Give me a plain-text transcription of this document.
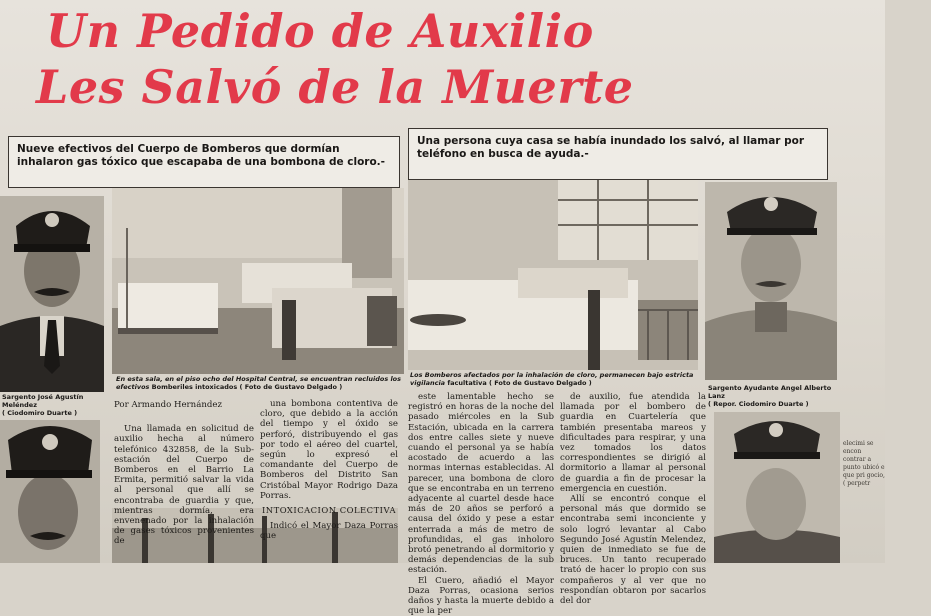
Un Pedido de Auxilio
Les Salvó de la Muerte
Nueve efectivos del Cuerpo de Bomberos que dormían inhalaron gas tóxico que escapaba de una bombona de cloro.-
Una persona cuya casa se había inundado los salvó, al llamar por teléfono en busca de ayuda.-
Sargento José Agustín Meléndez
( Ciodomiro Duarte )
En esta sala, en el piso ocho del Hospital Central, se encuentran recluidos los efectivos Bomberiles intoxicados ( Foto de Gustavo Delgado )
Los Bomberos afectados por la inhalación de cloro, permanecen bajo estricta vigilancia facultativa ( Foto de Gustavo Delgado )
Sargento Ayudante Angel Alberto Lanz
( Repor. Ciodomiro Duarte )
Por Armando Hernández

Una llamada en solicitud de auxilio hecha al número telefónico 432858, de la Sub-estación del Cuerpo de Bomberos en el Barrio La Ermita, permitió salvar la vida al personal que allí se encontraba de guardia y que, mientras dormía, era envenenado por la inhalación de gases tóxicos provenientes de

una bombona contentiva de cloro, que debido a la acción del tiempo y el óxido se perforó, distribuyendo el gas por todo el aéreo del cuartel, según lo expresó el comandante del Cuerpo de Bomberos del Distrito San Cristóbal Mayor Rodrigo Daza Porras.

INTOXICACION COLECTIVA

Indicó el Mayor Daza Porras que

este lamentable hecho se registró en horas de la noche del pasado miércoles en la Sub Estación, ubicada en la carrera dos entre calles siete y nueve cuando el personal ya se había acostado de acuerdo a las normas internas establecidas. Al parecer, una bombona de cloro que se encontraba en un terreno adyacente al cuartel desde hace más de 20 años se perforó a causa del óxido y pese a estar enterrada a más de metro de profundidas, el gas inholoro brotó penetrando al dormitorio y demás dependencias de la sub estación.

El Cuero, añadió el Mayor Daza Porras, ocasiona serios daños y hasta la muerte debido a que la per

de auxilio, fue atendida la llamada por el bombero de guardia en Cuartelería que también presentaba mareos y dificultades para respirar, y una vez tomados los datos correspondientes se dirigió al dormitorio a llamar al personal de guardia a fin de procesar la emergencia en cuestión.

Allí se encontró conque el personal más que dormido se encontraba semi inconciente y solo logró levantar al Cabo Segundo José Agustín Melendez, quien de inmediato se fue de bruces. Un tanto recuperado trató de hacer lo propio con sus compañeros y al ver que no respondían obtaron por sacarlos del dor

elecimi se encon contrar a punto ubicó e que pri gocio, ( perpetr
